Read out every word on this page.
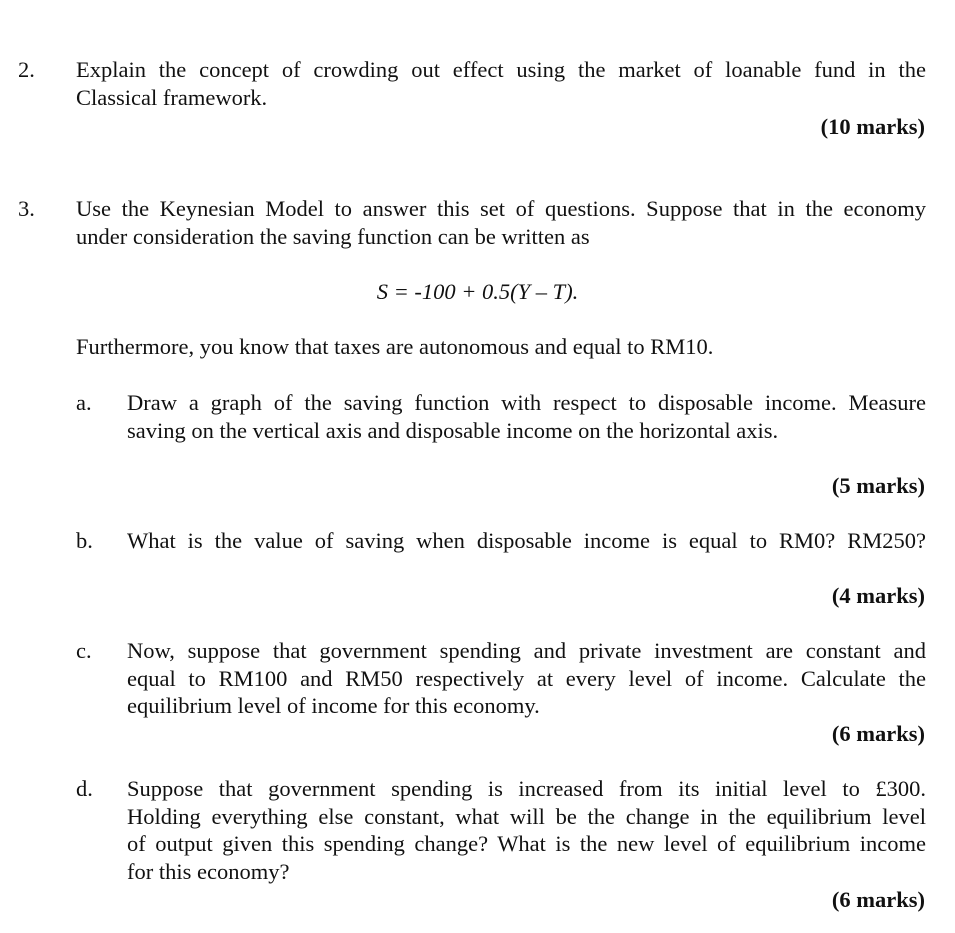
2. Explain the concept of crowding out effect using the market of loanable fund in the
Classical framework.
(10 marks)
3. Use the Keynesian Model to answer this set of questions. Suppose that in the economy
under consideration the saving function can be written as
S = -100 + 0.5(Y – T).
Furthermore, you know that taxes are autonomous and equal to RM10.
a. Draw a graph of the saving function with respect to disposable income. Measure
saving on the vertical axis and disposable income on the horizontal axis.
(5 marks)
b. What is the value of saving when disposable income is equal to RM0? RM250?
(4 marks)
c. Now, suppose that government spending and private investment are constant and
equal to RM100 and RM50 respectively at every level of income. Calculate the
equilibrium level of income for this economy.
(6 marks)
d. Suppose that government spending is increased from its initial level to £300.
Holding everything else constant, what will be the change in the equilibrium level
of output given this spending change? What is the new level of equilibrium income
for this economy?
(6 marks)
